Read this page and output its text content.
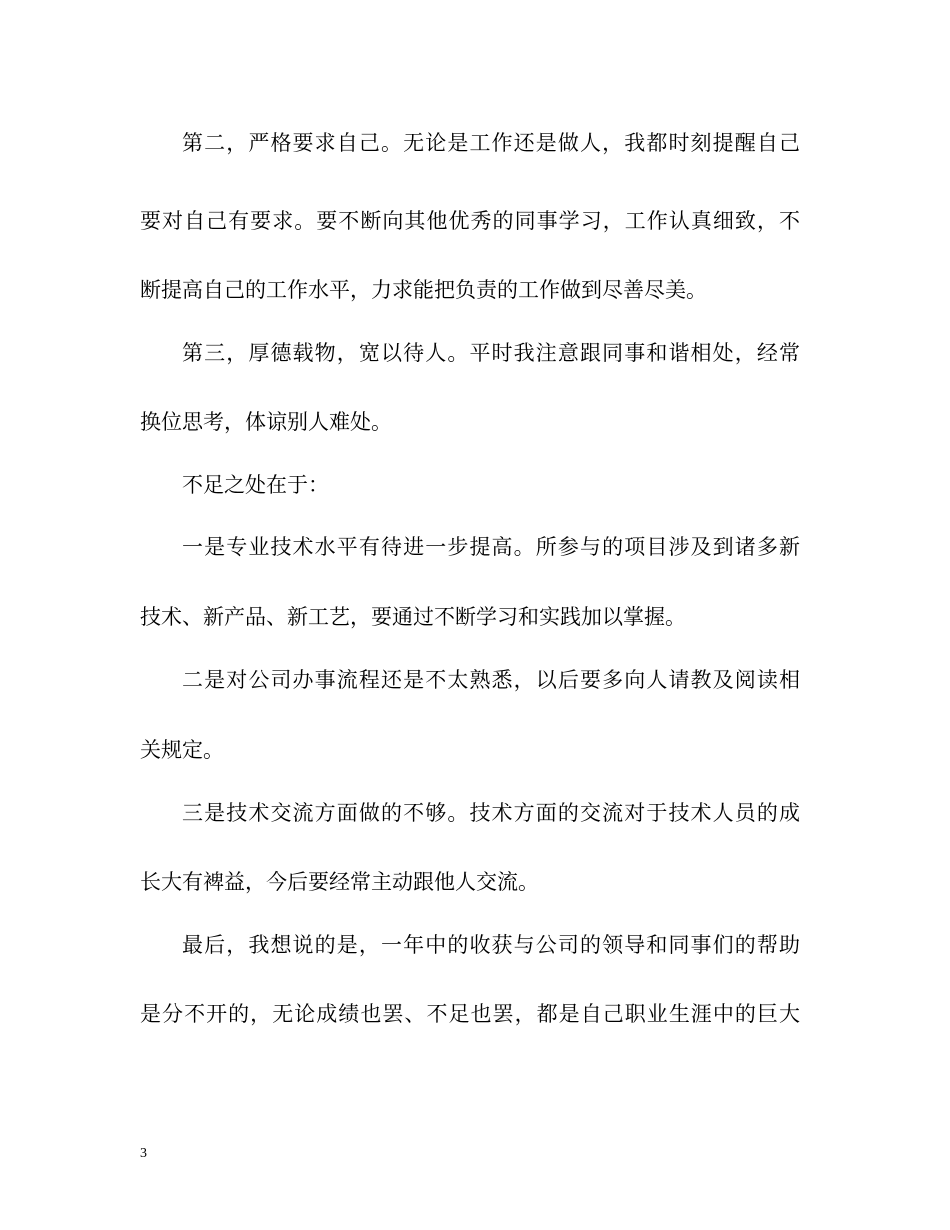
第二，严格要求自己。无论是工作还是做人，我都时刻提醒自己
要对自己有要求。要不断向其他优秀的同事学习，工作认真细致，不
断提高自己的工作水平，力求能把负责的工作做到尽善尽美。
第三，厚德载物，宽以待人。平时我注意跟同事和谐相处，经常
换位思考，体谅别人难处。
不足之处在于：
一是专业技术水平有待进一步提高。所参与的项目涉及到诸多新
技术、新产品、新工艺，要通过不断学习和实践加以掌握。
二是对公司办事流程还是不太熟悉，以后要多向人请教及阅读相
关规定。
三是技术交流方面做的不够。技术方面的交流对于技术人员的成
长大有裨益，今后要经常主动跟他人交流。
最后，我想说的是，一年中的收获与公司的领导和同事们的帮助
是分不开的，无论成绩也罢、不足也罢，都是自己职业生涯中的巨大
3
